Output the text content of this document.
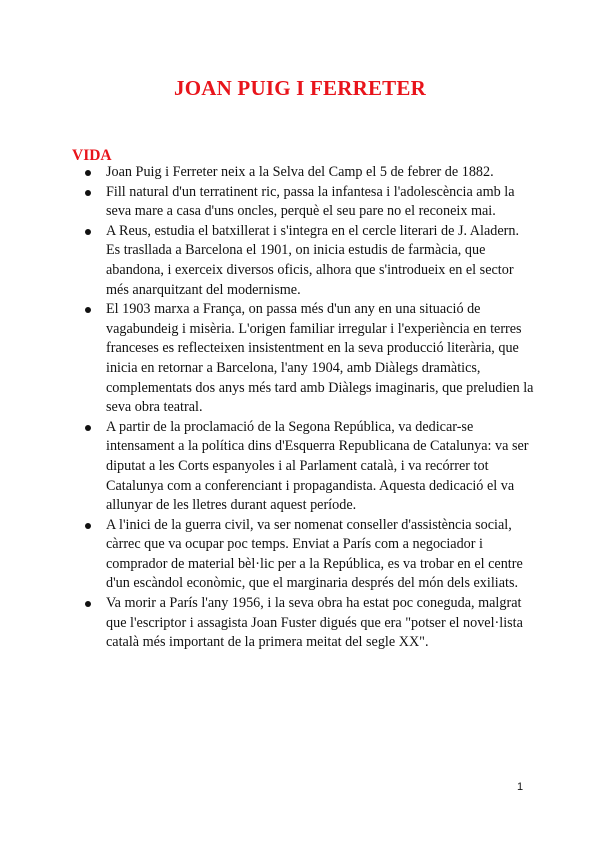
JOAN PUIG I FERRETER
VIDA
Joan Puig i Ferreter neix a la Selva del Camp el 5 de febrer de 1882.
Fill natural d'un terratinent ric, passa la infantesa i l'adolescència amb la seva mare a casa d'uns oncles, perquè el seu pare no el reconeix mai.
A Reus, estudia el batxillerat i s'integra en el cercle literari de J. Aladern. Es trasllada a Barcelona el 1901, on inicia estudis de farmàcia, que abandona, i exerceix diversos oficis, alhora que s'introdueix en el sector més anarquitzant del modernisme.
El 1903 marxa a França, on passa més d'un any en una situació de vagabundeig i misèria. L'origen familiar irregular i l'experiència en terres franceses es reflecteixen insistentment en la seva producció literària, que inicia en retornar a Barcelona, l'any 1904, amb Diàlegs dramàtics, complementats dos anys més tard amb Diàlegs imaginaris, que preludien la seva obra teatral.
A partir de la proclamació de la Segona República, va dedicar-se intensament a la política dins d'Esquerra Republicana de Catalunya: va ser diputat a les Corts espanyoles i al Parlament català, i va recórrer tot Catalunya com a conferenciant i propagandista. Aquesta dedicació el va allunyar de les lletres durant aquest període.
A l'inici de la guerra civil, va ser nomenat conseller d'assistència social, càrrec que va ocupar poc temps. Enviat a París com a negociador i comprador de material bèl·lic per a la República, es va trobar en el centre d'un escàndol econòmic, que el marginaria després del món dels exiliats.
Va morir a París l'any 1956, i la seva obra ha estat poc coneguda, malgrat que l'escriptor i assagista Joan Fuster digués que era "potser el novel·lista català més important de la primera meitat del segle XX".
1
